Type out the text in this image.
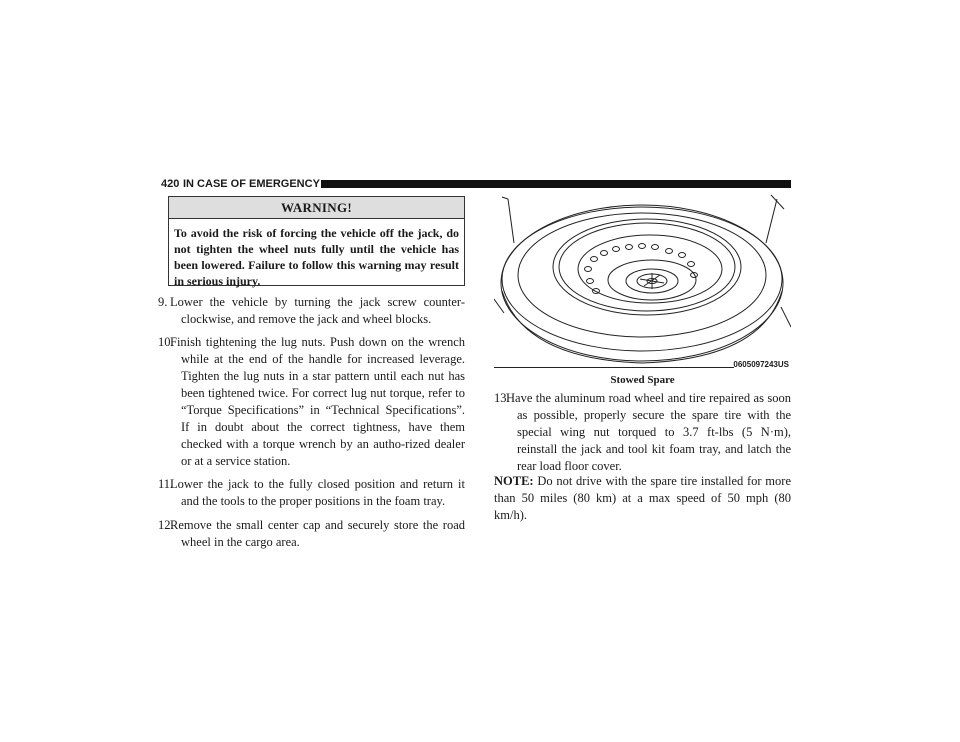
420 IN CASE OF EMERGENCY
WARNING!
To avoid the risk of forcing the vehicle off the jack, do not tighten the wheel nuts fully until the vehicle has been lowered. Failure to follow this warning may result in serious injury.
9. Lower the vehicle by turning the jack screw counter-clockwise, and remove the jack and wheel blocks.
10.
Finish tightening the lug nuts. Push down on the wrench while at the end of the handle for increased leverage. Tighten the lug nuts in a star pattern until each nut has been tightened twice. For correct lug nut torque, refer to “Torque Specifications” in “Technical Specifications”. If in doubt about the correct tightness, have them checked with a torque wrench by an autho-rized dealer or at a service station.
11.
Lower the jack to the fully closed position and return it and the tools to the proper positions in the foam tray.
12.
Remove the small center cap and securely store the road wheel in the cargo area.
0605097243US
Stowed Spare
13.
Have the aluminum road wheel and tire repaired as soon as possible, properly secure the spare tire with the special wing nut torqued to 3.7 ft-lbs (5 N·m), reinstall the jack and tool kit foam tray, and latch the rear load floor cover.
NOTE: Do not drive with the spare tire installed for more than 50 miles (80 km) at a max speed of 50 mph (80 km/h).
